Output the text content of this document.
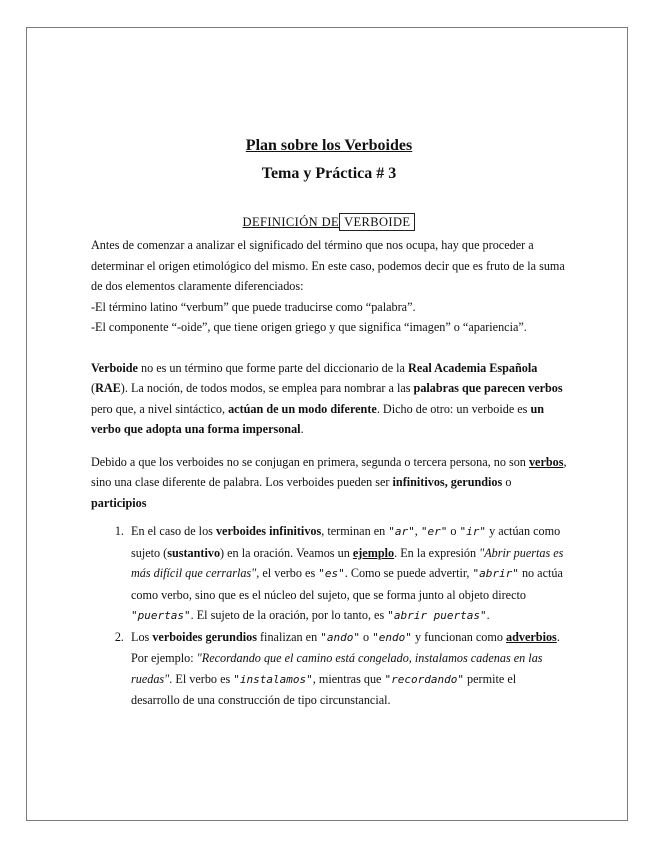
Plan sobre los Verboides
Tema y Práctica # 3
DEFINICIÓN DE VERBOIDE

Antes de comenzar a analizar el significado del término que nos ocupa, hay que proceder a determinar el origen etimológico del mismo. En este caso, podemos decir que es fruto de la suma de dos elementos claramente diferenciados:

-El término latino “verbum” que puede traducirse como “palabra”.

-El componente “-oide”, que tiene origen griego y que significa “imagen” o “apariencia”.

Verboide no es un término que forme parte del diccionario de la Real Academia Española (RAE). La noción, de todos modos, se emplea para nombrar a las palabras que parecen verbos pero que, a nivel sintáctico, actúan de un modo diferente. Dicho de otro: un verboide es un verbo que adopta una forma impersonal.

Debido a que los verboides no se conjugan en primera, segunda o tercera persona, no son verbos, sino una clase diferente de palabra. Los verboides pueden ser infinitivos, gerundios o participios

1. En el caso de los verboides infinitivos, terminan en "ar", "er" o "ir" y actúan como sujeto (sustantivo) en la oración. Veamos un ejemplo. En la expresión "Abrir puertas es más difícil que cerrarlas", el verbo es "es". Como se puede advertir, "abrir" no actúa como verbo, sino que es el núcleo del sujeto, que se forma junto al objeto directo "puertas". El sujeto de la oración, por lo tanto, es "abrir puertas".
2. Los verboides gerundios finalizan en "ando" o "endo" y funcionan como adverbios. Por ejemplo: "Recordando que el camino está congelado, instalamos cadenas en las ruedas". El verbo es "instalamos", mientras que "recordando" permite el desarrollo de una construcción de tipo circunstancial.
